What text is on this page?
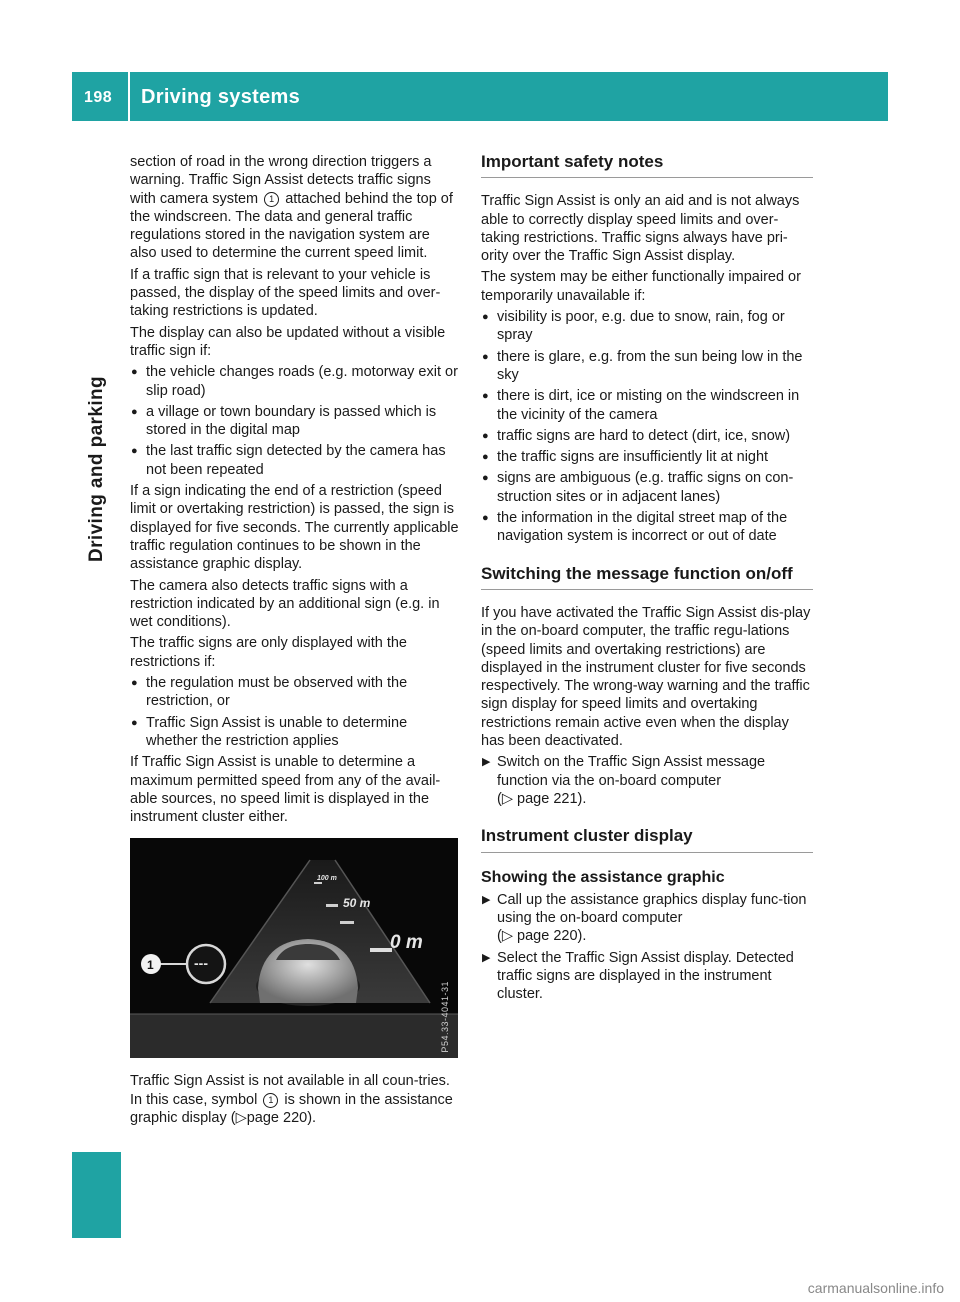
198 Driving systems
Driving and parking

section of road in the wrong direction triggers a warning. Traffic Sign Assist detects traffic signs with camera system 1 attached behind the top of the windscreen. The data and general traffic regulations stored in the navigation system are also used to determine the current speed limit.

If a traffic sign that is relevant to your vehicle is passed, the display of the speed limits and over-taking restrictions is updated.

The display can also be updated without a visible traffic sign if:

● the vehicle changes roads (e.g. motorway exit or slip road)
● a village or town boundary is passed which is stored in the digital map
● the last traffic sign detected by the camera has not been repeated

If a sign indicating the end of a restriction (speed limit or overtaking restriction) is passed, the sign is displayed for five seconds. The currently applicable traffic regulation continues to be shown in the assistance graphic display.

The camera also detects traffic signs with a restriction indicated by an additional sign (e.g. in wet conditions).

The traffic signs are only displayed with the restrictions if:

● the regulation must be observed with the restriction, or
● Traffic Sign Assist is unable to determine whether the restriction applies

If Traffic Sign Assist is unable to determine a maximum permitted speed from any of the avail-able sources, no speed limit is displayed in the instrument cluster either.

100 m
50 m
0 m
1	---
P54.33-4041-31

Traffic Sign Assist is not available in all coun-tries. In this case, symbol 1 is shown in the assistance graphic display (▷page 220).

Important safety notes

Traffic Sign Assist is only an aid and is not always able to correctly display speed limits and over-taking restrictions. Traffic signs always have pri-ority over the Traffic Sign Assist display.

The system may be either functionally impaired or temporarily unavailable if:

● visibility is poor, e.g. due to snow, rain, fog or spray
● there is glare, e.g. from the sun being low in the sky
● there is dirt, ice or misting on the windscreen in the vicinity of the camera
● traffic signs are hard to detect (dirt, ice, snow)
● the traffic signs are insufficiently lit at night
● signs are ambiguous (e.g. traffic signs on con-struction sites or in adjacent lanes)
● the information in the digital street map of the navigation system is incorrect or out of date
Switching the message function on/off

If you have activated the Traffic Sign Assist dis-play in the on-board computer, the traffic regu-lations (speed limits and overtaking restrictions) are displayed in the instrument cluster for five seconds respectively. The wrong-way warning and the traffic sign display for speed limits and overtaking restrictions remain active even when the display has been deactivated.

▶ Switch on the Traffic Sign Assist message function via the on-board computer
(▷ page 221).
Instrument cluster display
Showing the assistance graphic
▶ Call up the assistance graphics display func-tion using the on-board computer
(▷ page 220).
▶ Select the Traffic Sign Assist display. Detected traffic signs are displayed in the instrument cluster.
carmanualsonline.info
